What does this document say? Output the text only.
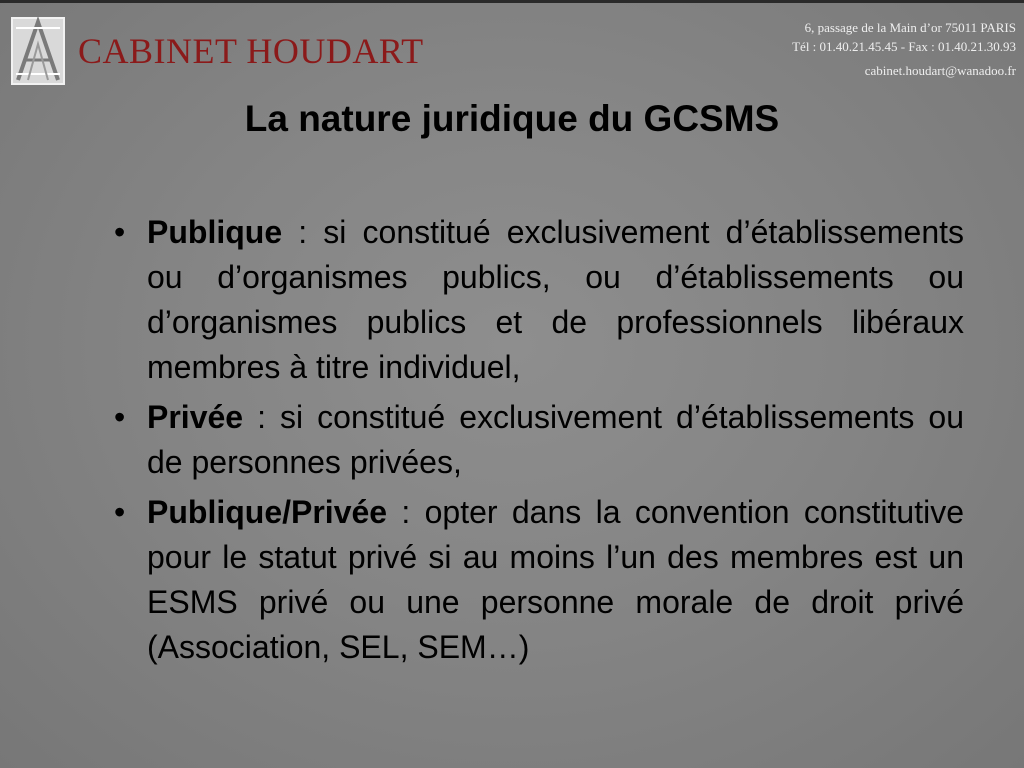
CABINET HOUDART
6, passage de la Main d’or 75011 PARIS
Tél : 01.40.21.45.45 - Fax : 01.40.21.30.93

cabinet.houdart@wanadoo.fr
La nature juridique du GCSMS
• Publique : si constitué exclusivement d’établissements ou d’organismes publics, ou d’établissements ou d’organismes publics et de professionnels libéraux membres à titre individuel,
• Privée : si constitué exclusivement d’établissements ou de personnes privées,
• Publique/Privée : opter dans la convention constitutive pour le statut privé si au moins l’un des membres est un ESMS privé ou une personne morale de droit privé (Association, SEL, SEM…)
